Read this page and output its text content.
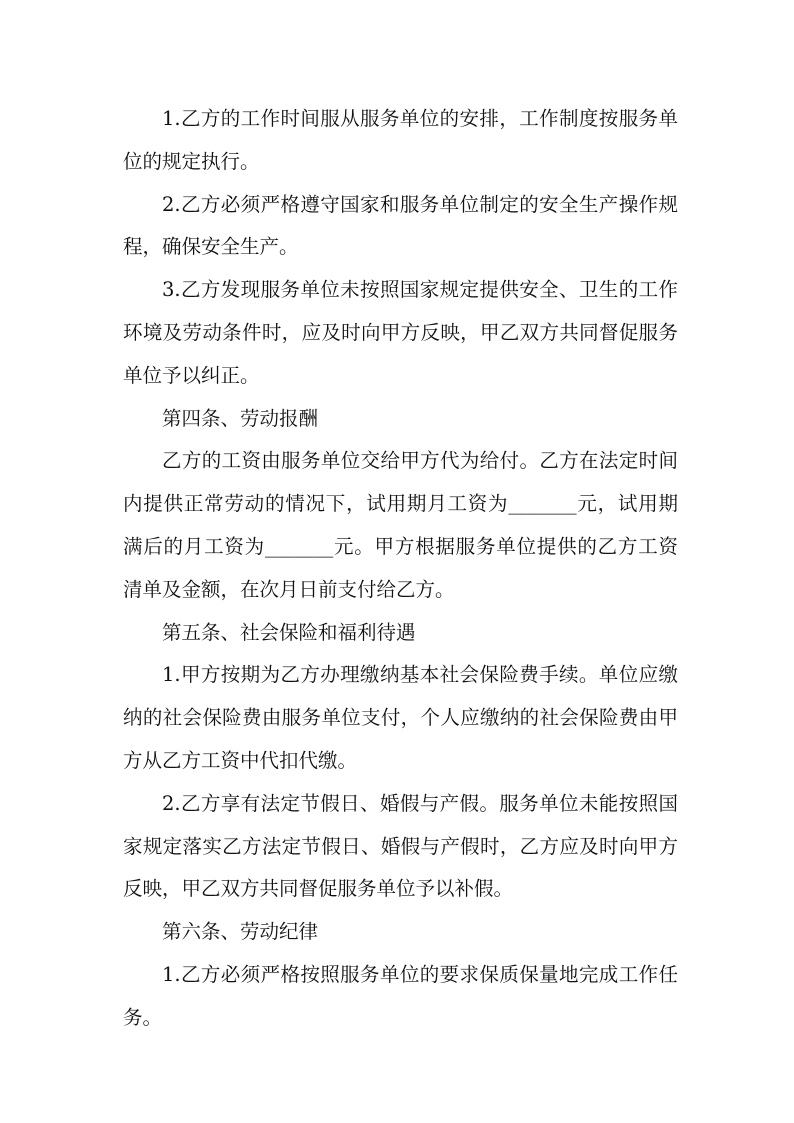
1.乙方的工作时间服从服务单位的安排，工作制度按服务单位的规定执行。

2.乙方必须严格遵守国家和服务单位制定的安全生产操作规程，确保安全生产。

3.乙方发现服务单位未按照国家规定提供安全、卫生的工作环境及劳动条件时，应及时向甲方反映，甲乙双方共同督促服务单位予以纠正。

第四条、劳动报酬

乙方的工资由服务单位交给甲方代为给付。乙方在法定时间内提供正常劳动的情况下，试用期月工资为_______元，试用期满后的月工资为_______元。甲方根据服务单位提供的乙方工资清单及金额，在次月日前支付给乙方。

第五条、社会保险和福利待遇

1.甲方按期为乙方办理缴纳基本社会保险费手续。单位应缴纳的社会保险费由服务单位支付，个人应缴纳的社会保险费由甲方从乙方工资中代扣代缴。

2.乙方享有法定节假日、婚假与产假。服务单位未能按照国家规定落实乙方法定节假日、婚假与产假时，乙方应及时向甲方反映，甲乙双方共同督促服务单位予以补假。

第六条、劳动纪律

1.乙方必须严格按照服务单位的要求保质保量地完成工作任务。
